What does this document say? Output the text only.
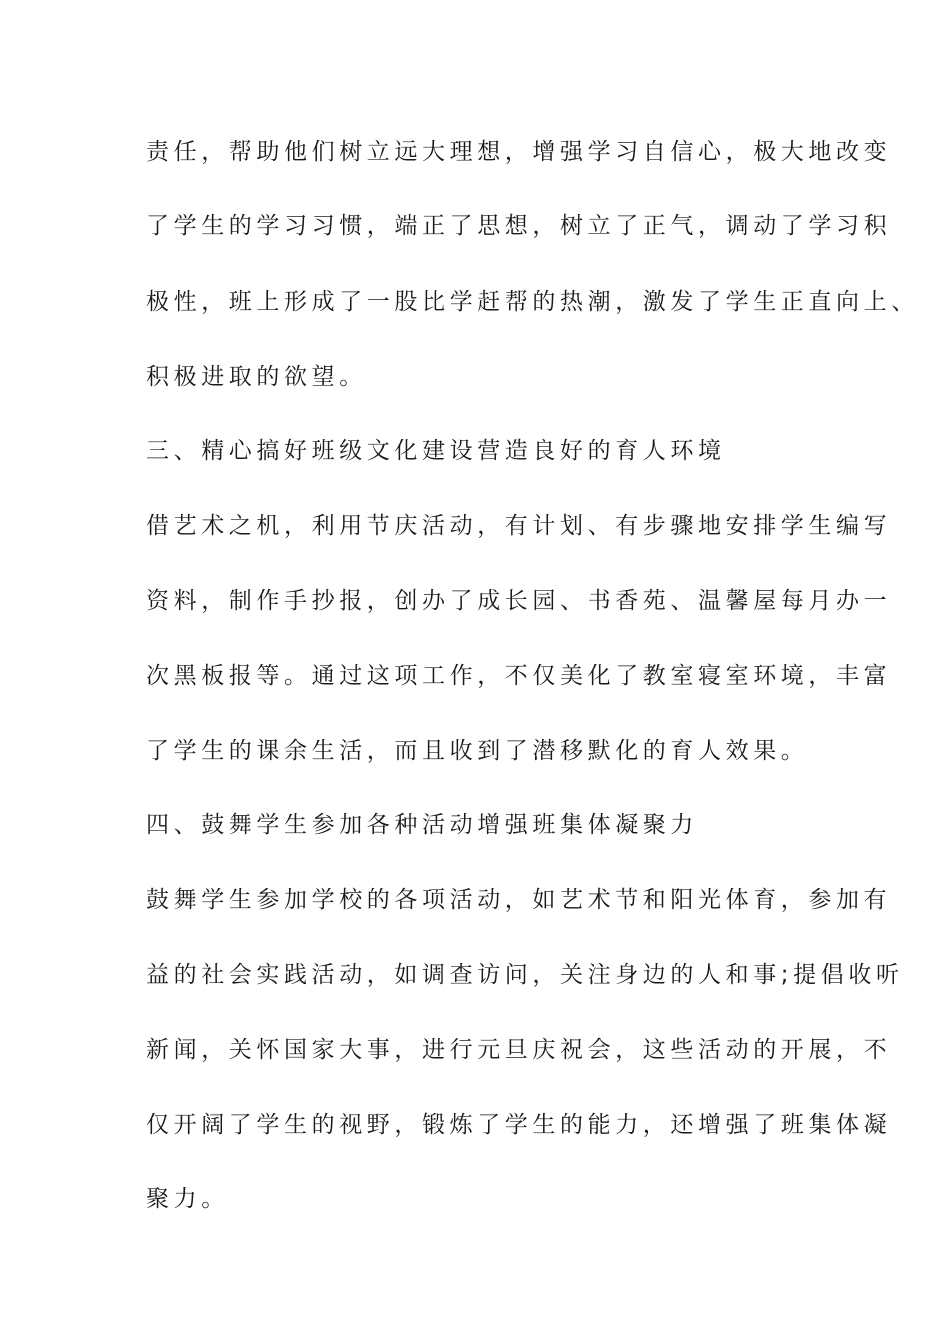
责任，帮助他们树立远大理想，增强学习自信心，极大地改变

了学生的学习习惯，端正了思想，树立了正气，调动了学习积

极性，班上形成了一股比学赶帮的热潮，激发了学生正直向上、

积极进取的欲望。

三、精心搞好班级文化建设营造良好的育人环境

借艺术之机，利用节庆活动，有计划、有步骤地安排学生编写

资料，制作手抄报，创办了成长园、书香苑、温馨屋每月办一

次黑板报等。通过这项工作，不仅美化了教室寝室环境，丰富

了学生的课余生活，而且收到了潜移默化的育人效果。

四、鼓舞学生参加各种活动增强班集体凝聚力

鼓舞学生参加学校的各项活动，如艺术节和阳光体育，参加有

益的社会实践活动，如调查访问，关注身边的人和事;提倡收听

新闻，关怀国家大事，进行元旦庆祝会，这些活动的开展，不

仅开阔了学生的视野，锻炼了学生的能力，还增强了班集体凝

聚力。
